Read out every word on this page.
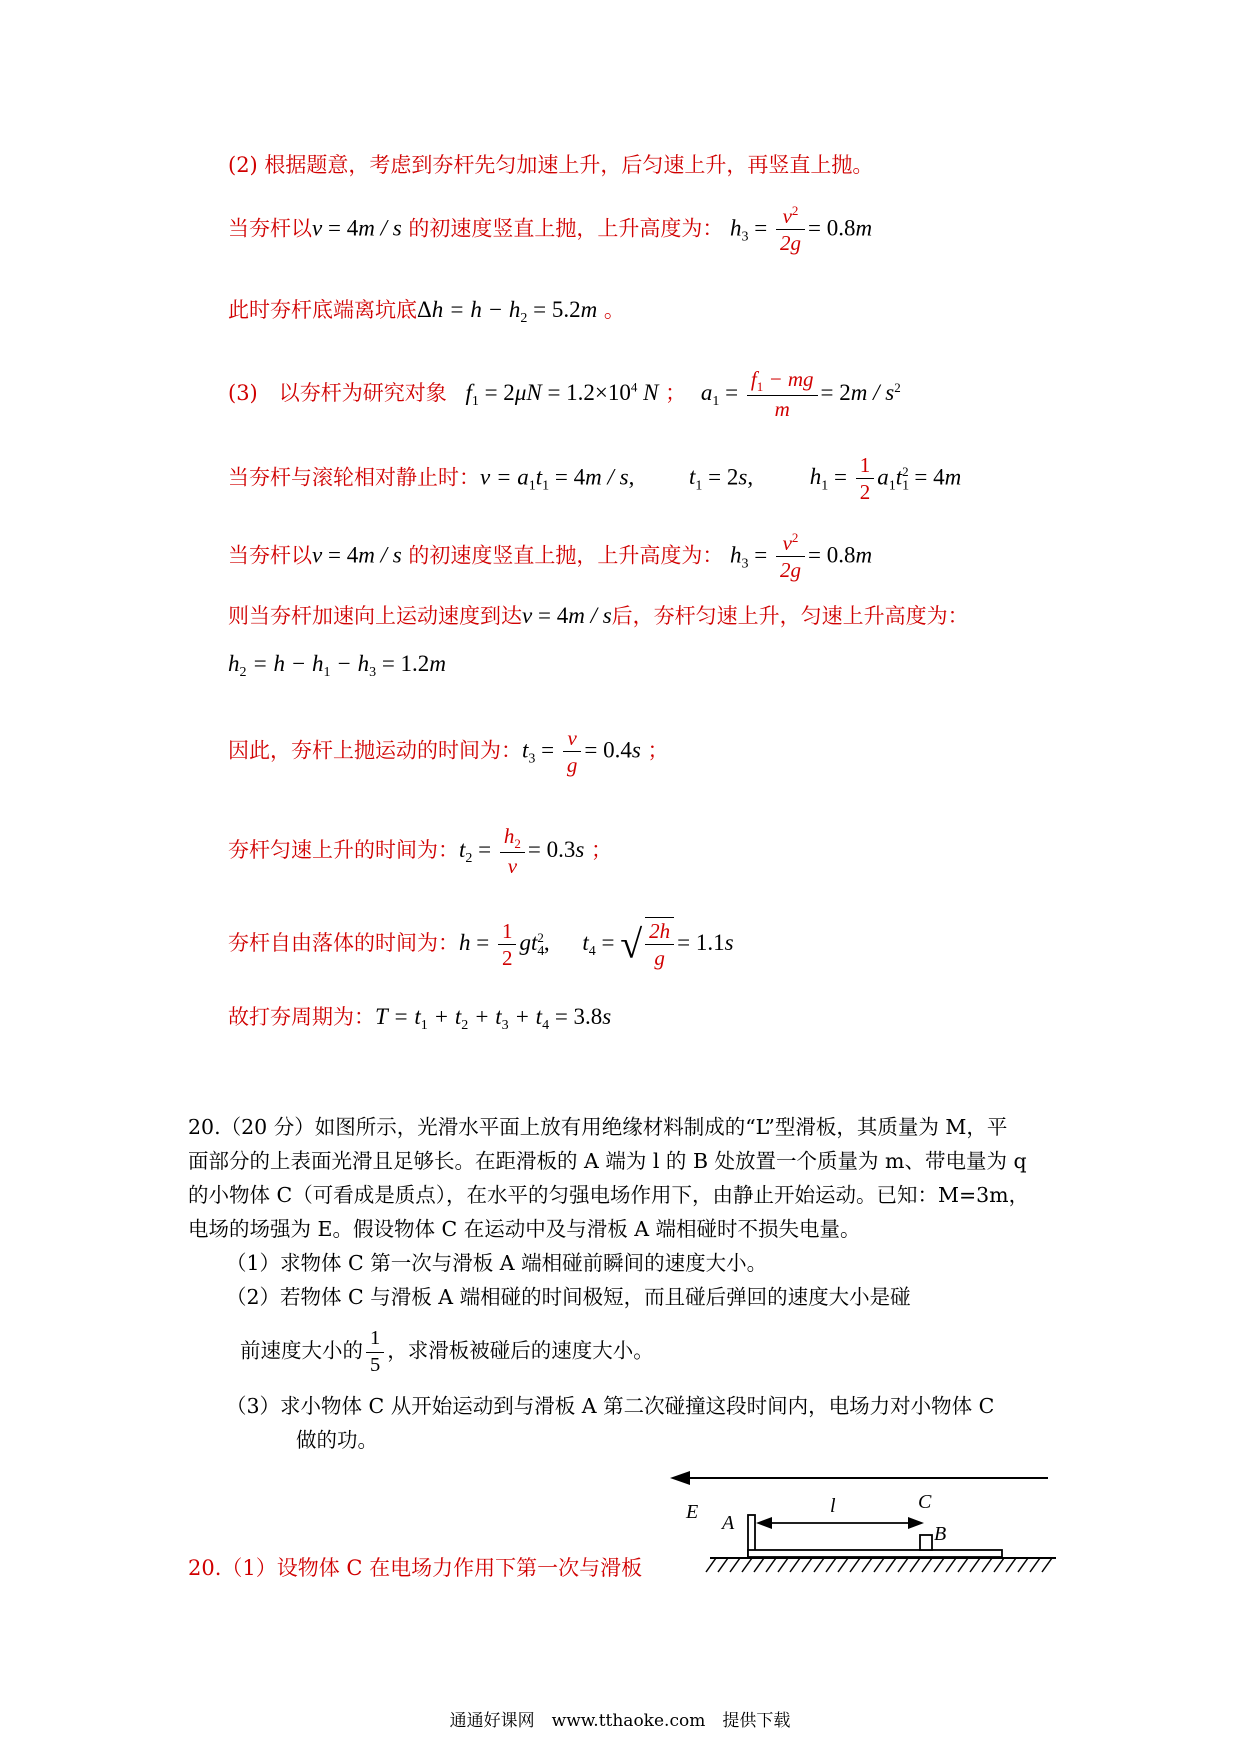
(2) 根据题意，考虑到夯杆先匀加速上升，后匀速上升，再竖直上抛。
当夯杆以v = 4m / s 的初速度竖直上抛，上升高度为： $h_3 = \frac{v^2}{2g} = 0.8m$
此时夯杆底端离坑底$\Delta h = h - h_2 = 5.2m$ 。
(3)　以夯杆为研究对象 $f_1 = 2\mu N = 1.2\times 10^4$ N ； $a_1 = \frac{f_1 - mg}{m} = 2m / s^2$
当夯杆与滚轮相对静止时：$v = a_1t_1 = 4m / s$, $t_1 = 2s$, $h_1 = \frac{1}{2} a_1t_1^2 = 4m$
当夯杆以v = 4m / s 的初速度竖直上抛，上升高度为： $h_3 = \frac{v^2}{2g} = 0.8m$
则当夯杆加速向上运动速度到达v = 4m / s后，夯杆匀速上升，匀速上升高度为：
$h_2 = h - h_1 - h_3 = 1.2m$
因此，夯杆上抛运动的时间为：$t_3 = \frac{v}{g} = 0.4s$ ；
夯杆匀速上升的时间为：$t_2 = \frac{h_2}{v} = 0.3s$ ；
夯杆自由落体的时间为：$h = \frac{1}{2} gt_4^2$, $t_4$ = √ $\frac{2h}{g} = 1.1s$
故打夯周期为：$T = t_1 + t_2 + t_3 + t_4 = 3.8s$
20.（20 分）如图所示，光滑水平面上放有用绝缘材料制成的“L”型滑板，其质量为 M，平
面部分的上表面光滑且足够长。在距滑板的 A 端为 l 的 B 处放置一个质量为 m、带电量为 q
的小物体 C（可看成是质点），在水平的匀强电场作用下，由静止开始运动。已知：M=3m，
电场的场强为 E。假设物体 C 在运动中及与滑板 A 端相碰时不损失电量。
（1）求物体 C 第一次与滑板 A 端相碰前瞬间的速度大小。
（2）若物体 C 与滑板 A 端相碰的时间极短，而且碰后弹回的速度大小是碰
前速度大小的 $\frac{1}{5}$ ，求滑板被碰后的速度大小。
（3）求小物体 C 从开始运动到与滑板 A 第二次碰撞这段时间内，电场力对小物体 C
做的功。
20.（1）设物体 C 在电场力作用下第一次与滑板
E A
l	C
B
通通好课网　www.tthaoke.com　提供下载
